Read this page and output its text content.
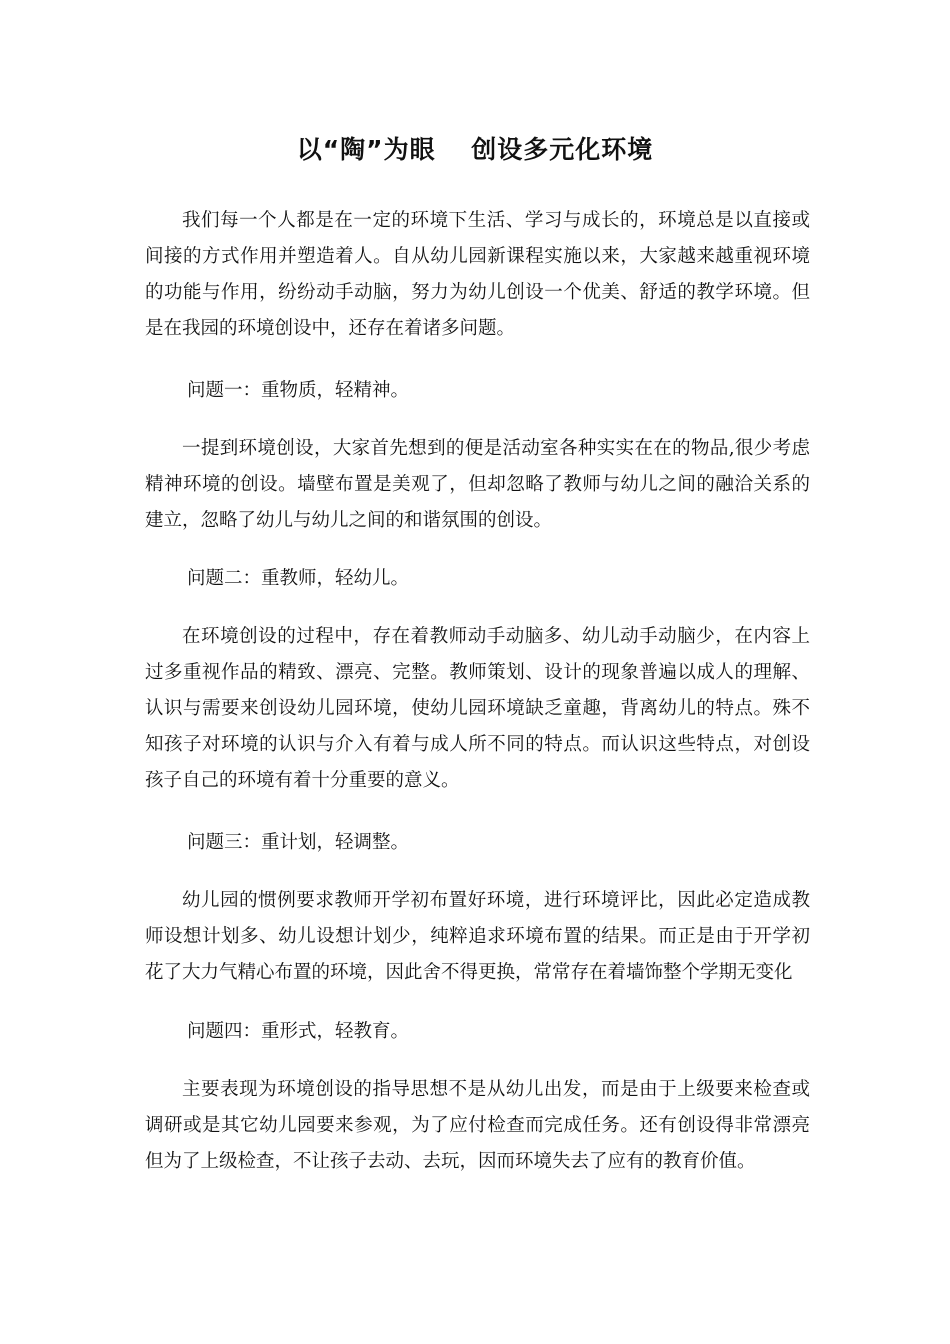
以“陶”为眼　 创设多元化环境
我们每一个人都是在一定的环境下生活、学习与成长的，环境总是以直接或间接的方式作用并塑造着人。自从幼儿园新课程实施以来，大家越来越重视环境的功能与作用，纷纷动手动脑，努力为幼儿创设一个优美、舒适的教学环境。但是在我园的环境创设中，还存在着诸多问题。
问题一：重物质，轻精神。
一提到环境创设，大家首先想到的便是活动室各种实实在在的物品,很少考虑精神环境的创设。墙壁布置是美观了，但却忽略了教师与幼儿之间的融洽关系的建立，忽略了幼儿与幼儿之间的和谐氛围的创设。
问题二：重教师，轻幼儿。
在环境创设的过程中，存在着教师动手动脑多、幼儿动手动脑少，在内容上过多重视作品的精致、漂亮、完整。教师策划、设计的现象普遍以成人的理解、认识与需要来创设幼儿园环境，使幼儿园环境缺乏童趣，背离幼儿的特点。殊不知孩子对环境的认识与介入有着与成人所不同的特点。而认识这些特点，对创设孩子自己的环境有着十分重要的意义。
问题三：重计划，轻调整。
幼儿园的惯例要求教师开学初布置好环境，进行环境评比，因此必定造成教师设想计划多、幼儿设想计划少，纯粹追求环境布置的结果。而正是由于开学初花了大力气精心布置的环境，因此舍不得更换，常常存在着墙饰整个学期无变化
问题四：重形式，轻教育。
主要表现为环境创设的指导思想不是从幼儿出发，而是由于上级要来检查或调研或是其它幼儿园要来参观，为了应付检查而完成任务。还有创设得非常漂亮但为了上级检查，不让孩子去动、去玩，因而环境失去了应有的教育价值。
